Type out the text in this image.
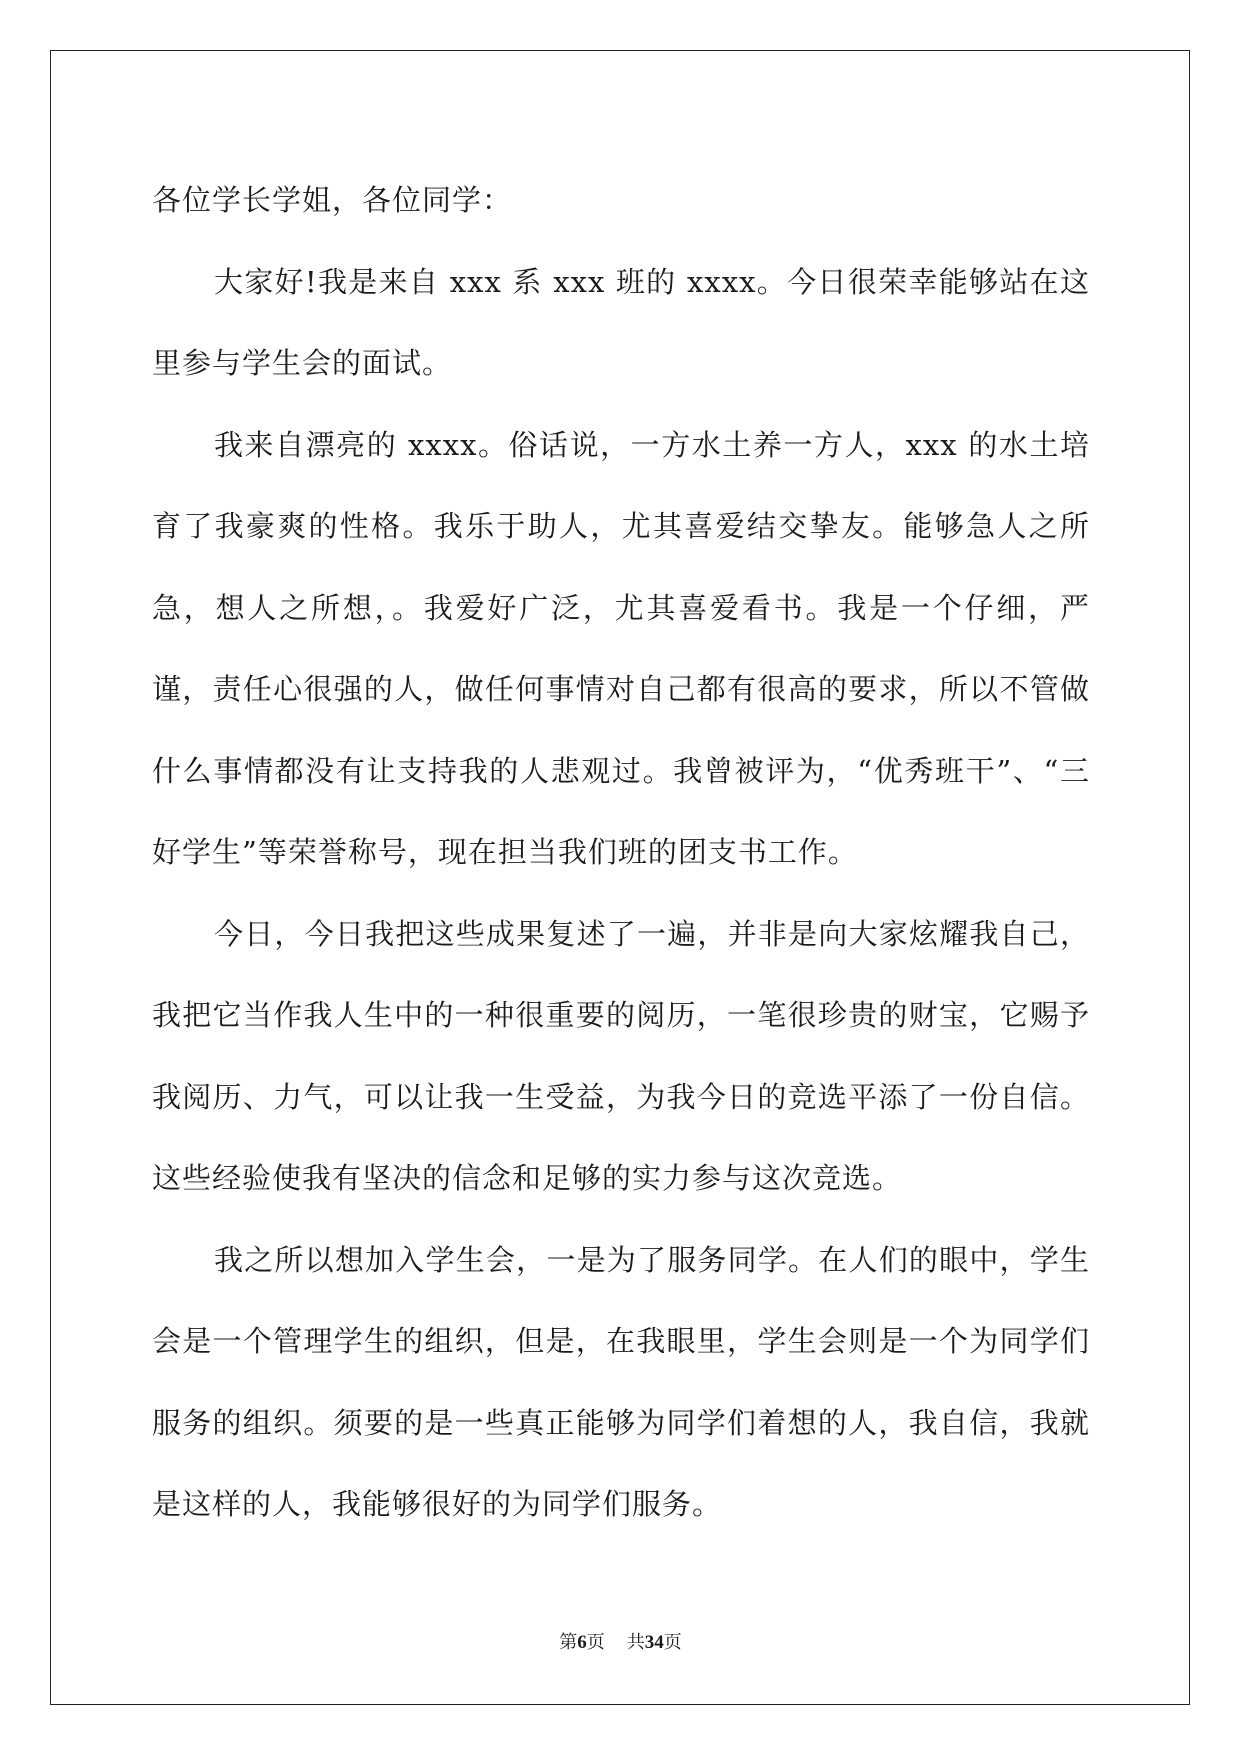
各位学长学姐，各位同学：

大家好!我是来自 xxx 系 xxx 班的 xxxx。今日很荣幸能够站在这里参与学生会的面试。

我来自漂亮的 xxxx。俗话说，一方水土养一方人，xxx 的水土培育了我豪爽的性格。我乐于助人，尤其喜爱结交挚友。能够急人之所急，想人之所想，。我爱好广泛，尤其喜爱看书。我是一个仔细，严谨，责任心很强的人，做任何事情对自己都有很高的要求，所以不管做什么事情都没有让支持我的人悲观过。我曾被评为，“优秀班干”、“三好学生”等荣誉称号，现在担当我们班的团支书工作。

今日，今日我把这些成果复述了一遍，并非是向大家炫耀我自己，我把它当作我人生中的一种很重要的阅历，一笔很珍贵的财宝，它赐予我阅历、力气，可以让我一生受益，为我今日的竞选平添了一份自信。这些经验使我有坚决的信念和足够的实力参与这次竞选。

我之所以想加入学生会，一是为了服务同学。在人们的眼中，学生会是一个管理学生的组织，但是，在我眼里，学生会则是一个为同学们服务的组织。须要的是一些真正能够为同学们着想的人，我自信，我就是这样的人，我能够很好的为同学们服务。

第6页 共34页
